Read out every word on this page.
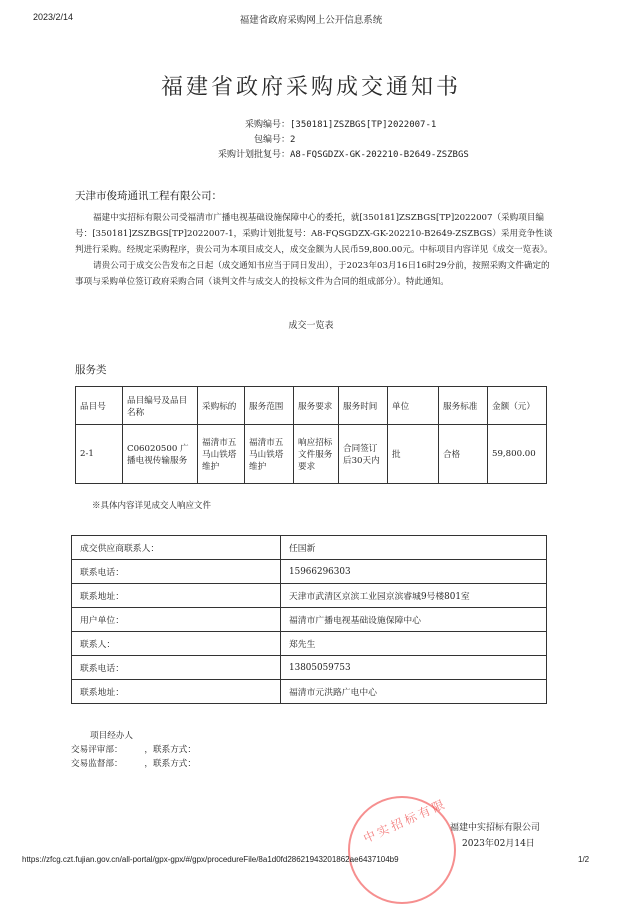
2023/2/14	福建省政府采购网上公开信息系统
福建省政府采购成交通知书
采购编号：[350181]ZSZBGS[TP]2022007-1
包编号：2
采购计划批复号：A8-FQSGDZX-GK-202210-B2649-ZSZBGS
天津市俊琦通讯工程有限公司：

福建中实招标有限公司受福清市广播电视基础设施保障中心的委托，就[350181]ZSZBGS[TP]2022007（采购项目编号：[350181]ZSZBGS[TP]2022007-1，采购计划批复号：A8-FQSGDZX-GK-202210-B2649-ZSZBGS）采用竞争性谈判进行采购。经规定采购程序，贵公司为本项目成交人，成交金额为人民币59,800.00元。中标项目内容详见《成交一览表》。

请贵公司于成交公告发布之日起（成交通知书应当于同日发出），于2023年03月16日16时29分前，按照采购文件确定的事项与采购单位签订政府采购合同（谈判文件与成交人的投标文件为合同的组成部分）。特此通知。

成交一览表
服务类
品目号	品目编号及品目名称	采购标的	服务范围	服务要求	服务时间	单位	服务标准	金额（元）
2-1	C06020500 广播电视传输服务	福清市五马山铁塔维护	福清市五马山铁塔维护	响应招标文件服务要求	合同签订后30天内	批	合格	59,800.00
※具体内容详见成交人响应文件
成交供应商联系人：	任国新
联系电话：	15966296303
联系地址：	天津市武清区京滨工业园京滨睿城9号楼801室
用户单位：	福清市广播电视基础设施保障中心
联系人：	郑先生
联系电话：	13805059753
联系地址：	福清市元洪路广电中心
项目经办人
交易评审部：        ，联系方式：
交易监督部：        ，联系方式：
中实招标有限 福建中实招标有限公司
2023年02月14日
https://zfcg.czt.fujian.gov.cn/all-portal/gpx-gpx/#/gpx/procedureFile/8a1d0fd28621943201862ae6437104b9	1/2
